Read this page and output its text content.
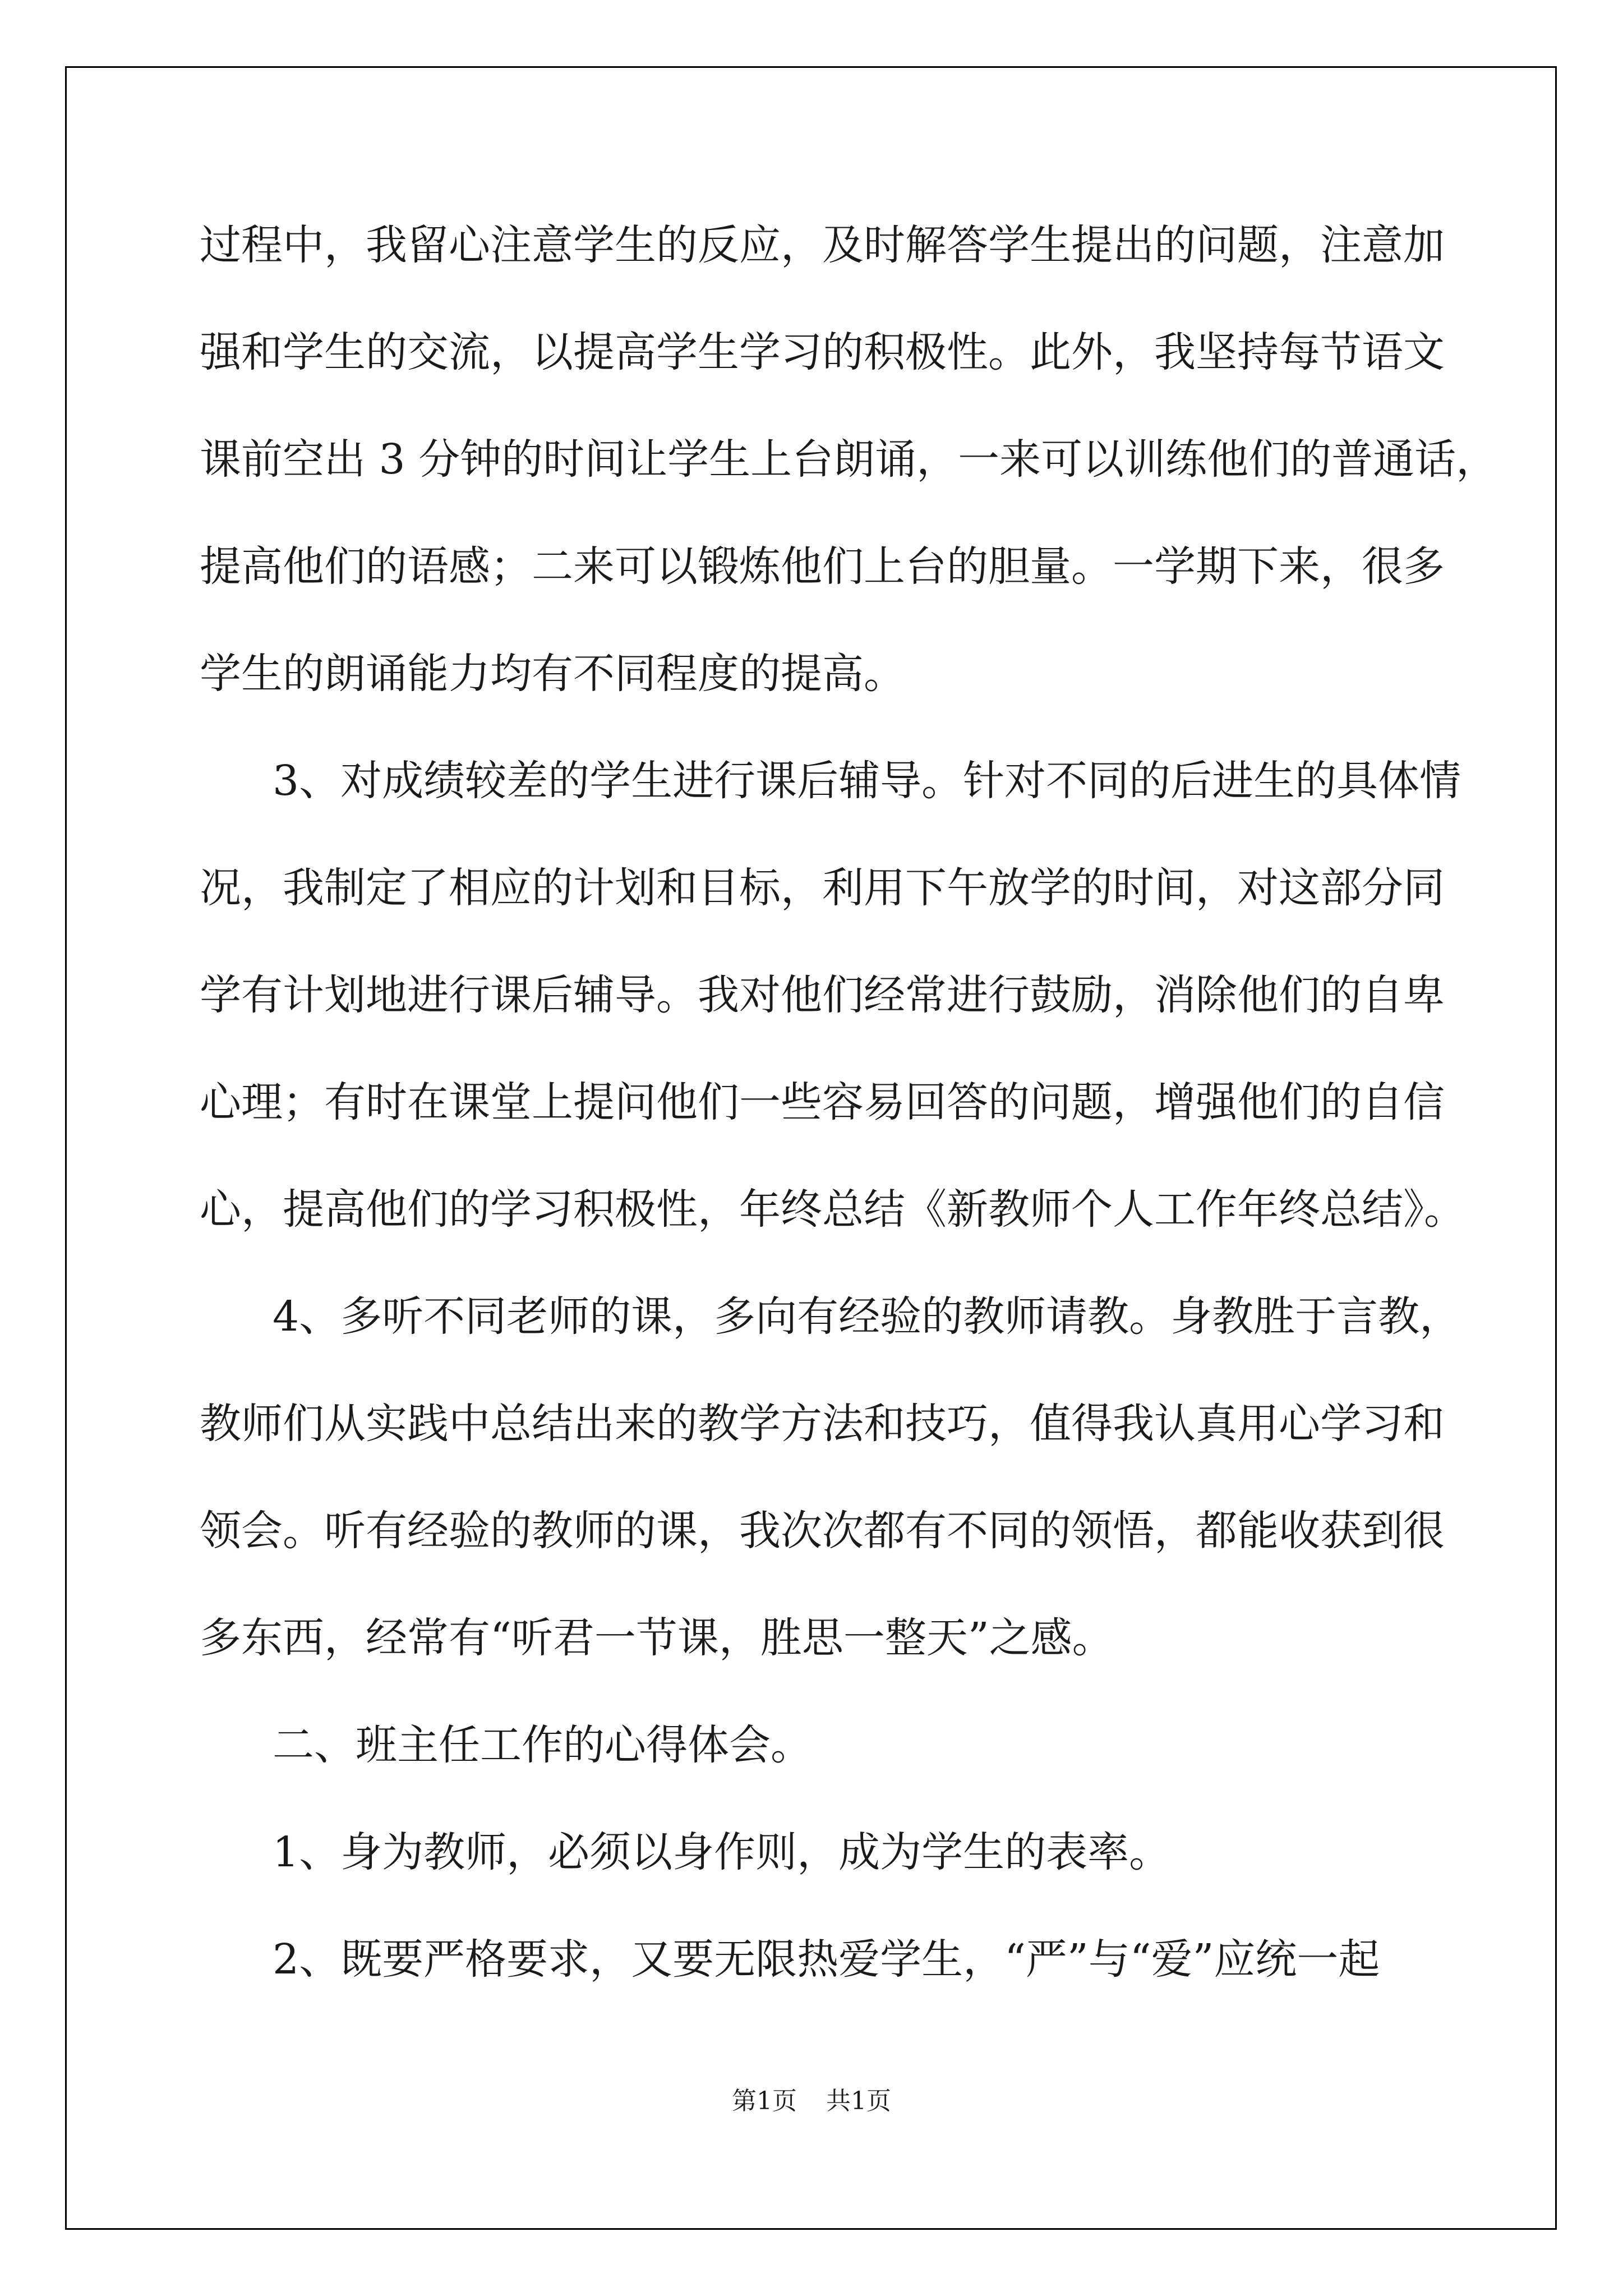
过程中，我留心注意学生的反应，及时解答学生提出的问题，注意加
强和学生的交流，以提高学生学习的积极性。此外，我坚持每节语文
课前空出 3 分钟的时间让学生上台朗诵，一来可以训练他们的普通话，
提高他们的语感；二来可以锻炼他们上台的胆量。一学期下来，很多
学生的朗诵能力均有不同程度的提高。
3、对成绩较差的学生进行课后辅导。针对不同的后进生的具体情
况，我制定了相应的计划和目标，利用下午放学的时间，对这部分同
学有计划地进行课后辅导。我对他们经常进行鼓励，消除他们的自卑
心理；有时在课堂上提问他们一些容易回答的问题，增强他们的自信
心，提高他们的学习积极性，年终总结《新教师个人工作年终总结》。
4、多听不同老师的课，多向有经验的教师请教。身教胜于言教，
教师们从实践中总结出来的教学方法和技巧，值得我认真用心学习和
领会。听有经验的教师的课，我次次都有不同的领悟，都能收获到很
多东西，经常有“听君一节课，胜思一整天”之感。
二、班主任工作的心得体会。
1、身为教师，必须以身作则，成为学生的表率。
2、既要严格要求，又要无限热爱学生，“严”与“爱”应统一起
第1页 共1页
